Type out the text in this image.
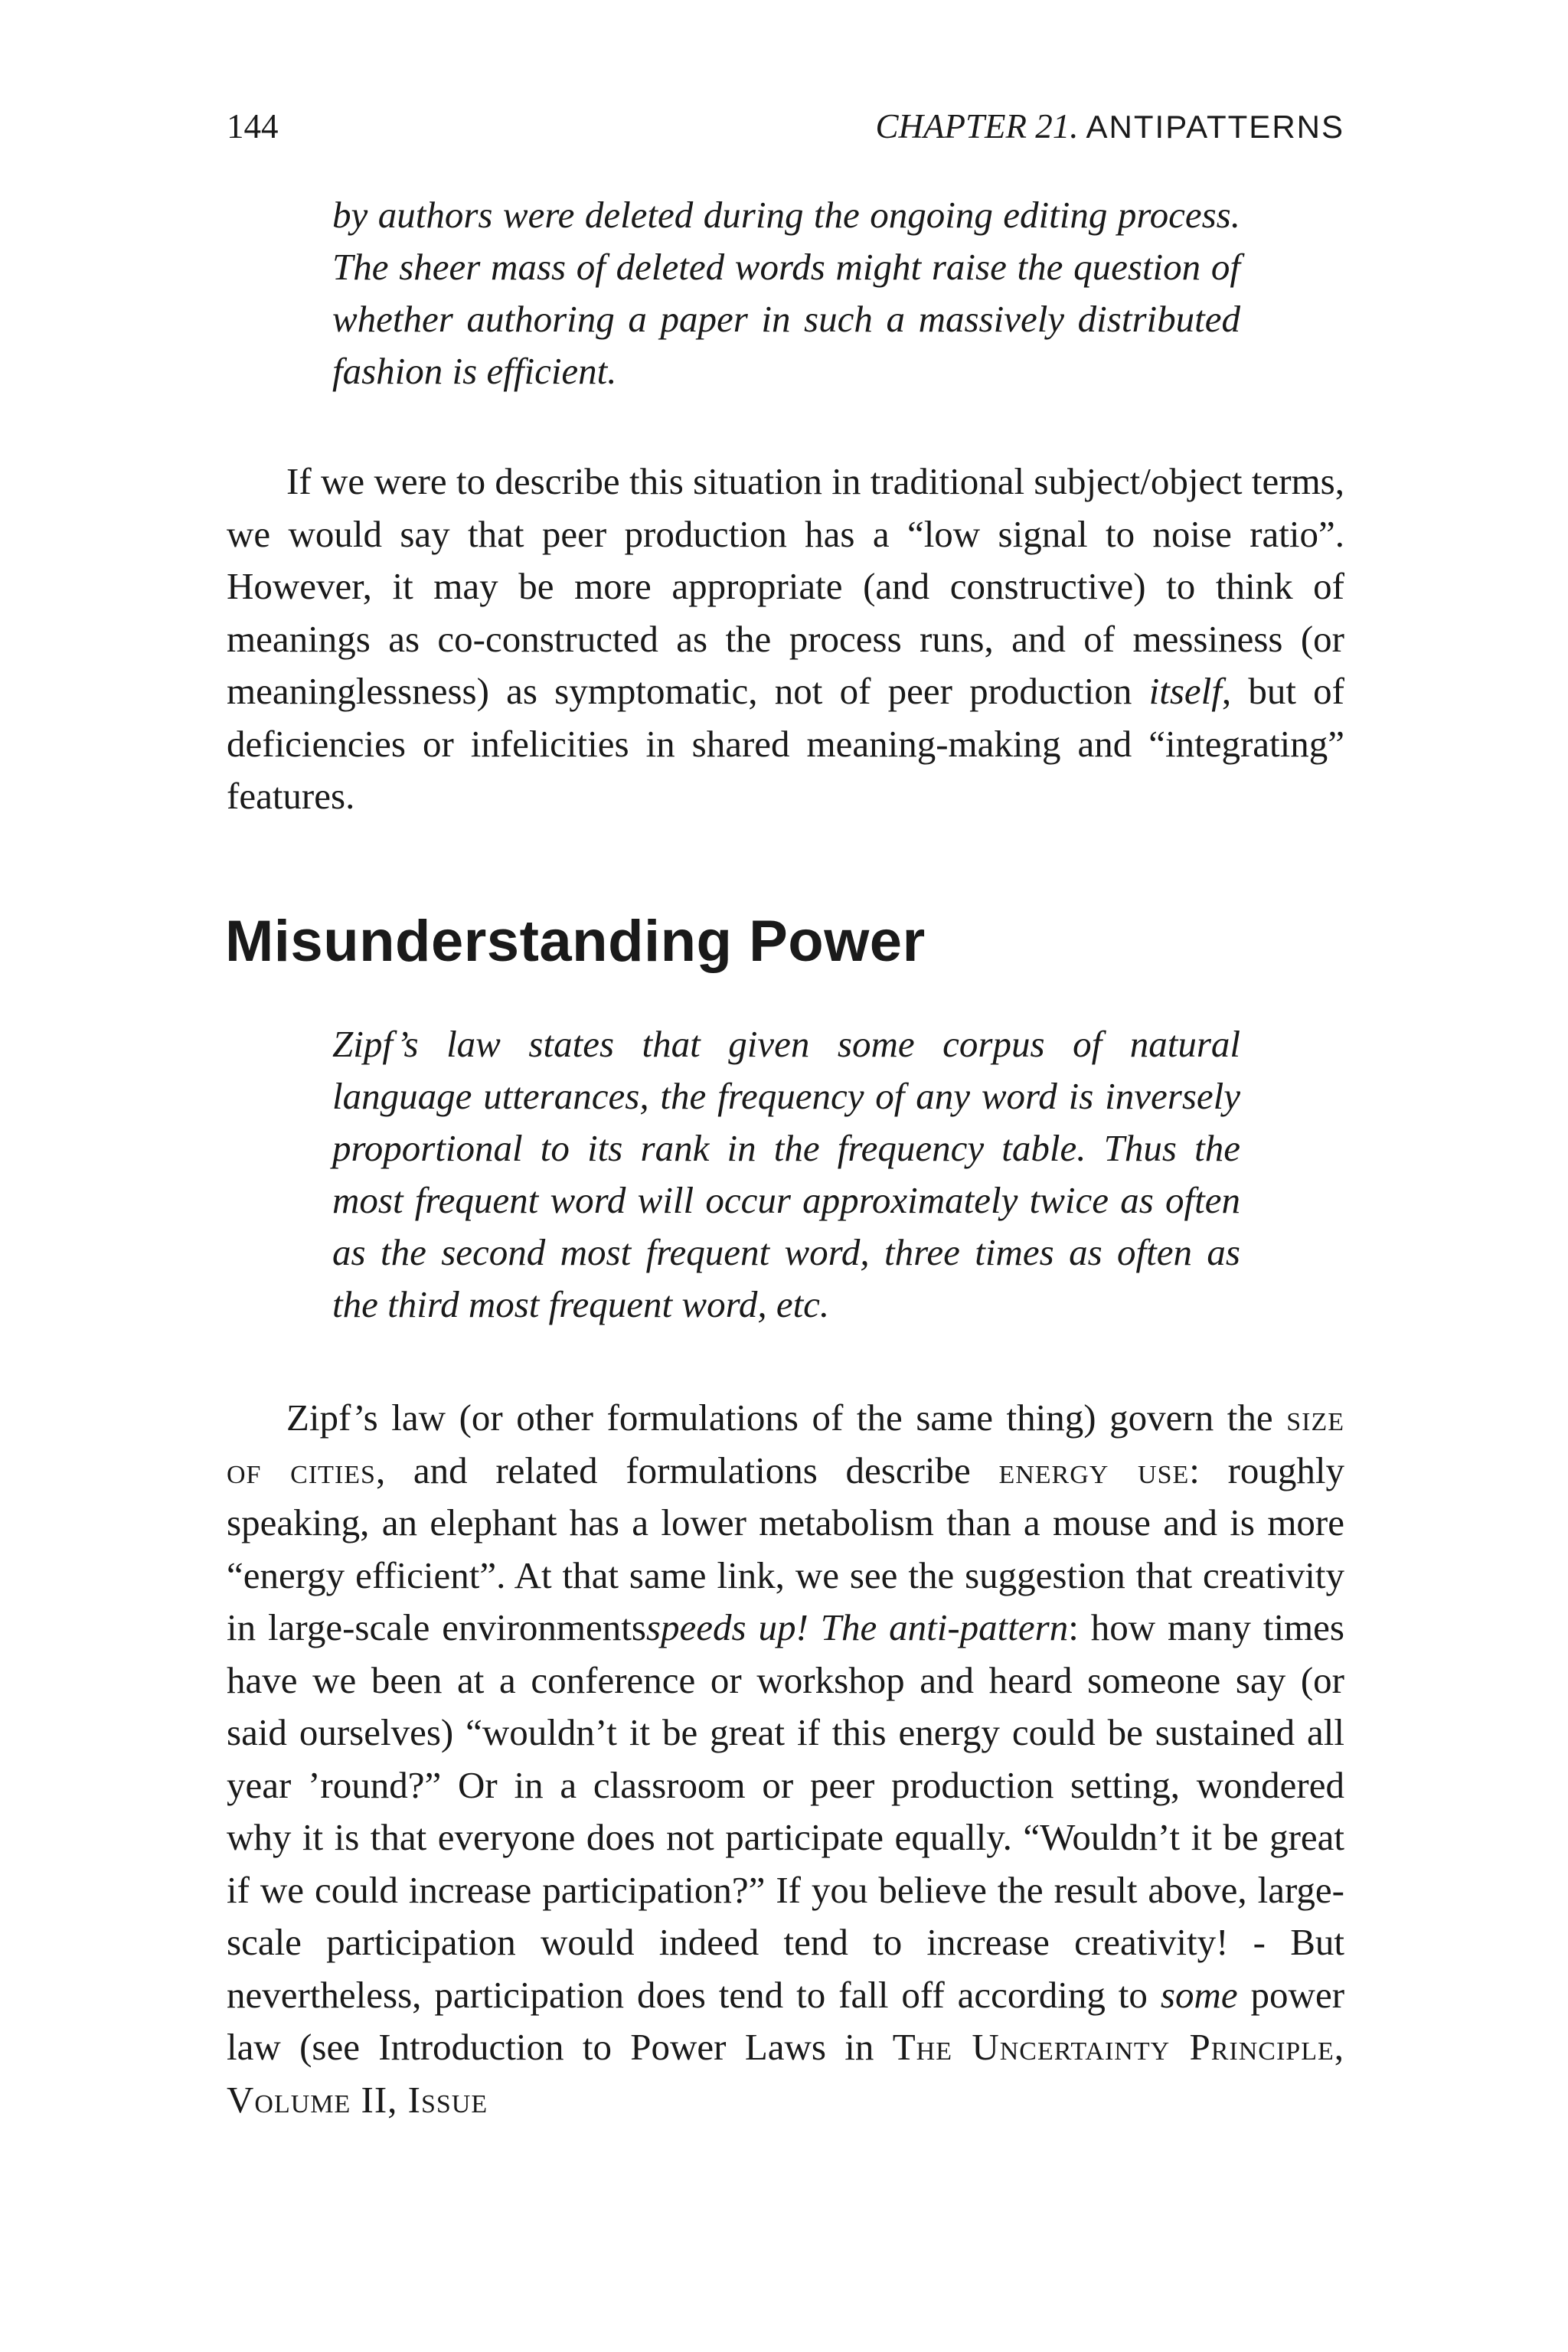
144	CHAPTER 21. ANTIPATTERNS
by authors were deleted during the ongoing editing process. The sheer mass of deleted words might raise the question of whether authoring a paper in such a massively distributed fashion is efficient.

If we were to describe this situation in traditional subject/object terms, we would say that peer production has a “low signal to noise ratio”. However, it may be more appropriate (and constructive) to think of meanings as co-constructed as the process runs, and of messiness (or meaninglessness) as symptomatic, not of peer production itself, but of deficiencies or infelicities in shared meaning-making and “integrating” features.

Misunderstanding Power
Zipf’s law states that given some corpus of natural language utterances, the frequency of any word is inversely proportional to its rank in the frequency table. Thus the most frequent word will occur approximately twice as often as the second most frequent word, three times as often as the third most frequent word, etc.

Zipf’s law (or other formulations of the same thing) govern the size of cities, and related formulations describe energy use: roughly speaking, an elephant has a lower metabolism than a mouse and is more “energy efficient”. At that same link, we see the suggestion that creativity in large-scale environmentsspeeds up! The anti-pattern: how many times have we been at a conference or workshop and heard someone say (or said ourselves) “wouldn’t it be great if this energy could be sustained all year ’round?” Or in a classroom or peer production setting, wondered why it is that everyone does not participate equally. “Wouldn’t it be great if we could increase participation?” If you believe the result above, large-scale participation would indeed tend to increase creativity! - But nevertheless, participation does tend to fall off according to some power law (see Introduction to Power Laws in The Uncertainty Principle, Volume II, Issue
